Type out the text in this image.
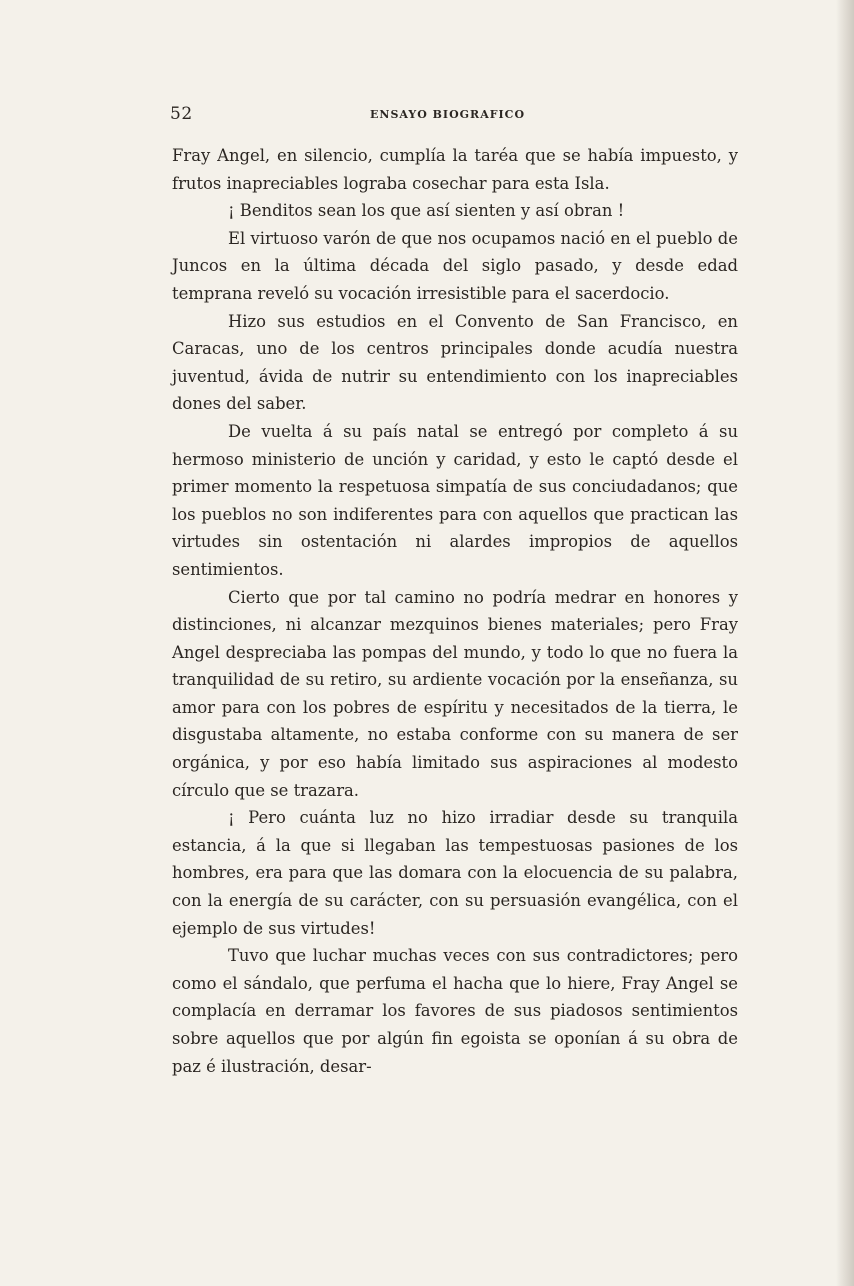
52	ENSAYO BIOGRAFICO

Fray Angel, en silencio, cumplía la taréa que se había impuesto, y frutos inapreciables lograba cosechar para esta Isla.

¡ Benditos sean los que así sienten y así obran !

El virtuoso varón de que nos ocupamos nació en el pueblo de Juncos en la última década del siglo pasado, y desde edad temprana reveló su vocación irresistible para el sacerdocio.

Hizo sus estudios en el Convento de San Francisco, en Caracas, uno de los centros principales donde acudía nuestra juventud, ávida de nutrir su entendimiento con los inapreciables dones del saber.

De vuelta á su país natal se entregó por completo á su hermoso ministerio de unción y caridad, y esto le captó desde el primer momento la respetuosa simpatía de sus conciudadanos; que los pueblos no son indiferentes para con aquellos que practican las virtudes sin ostentación ni alardes impropios de aquellos sentimientos.

Cierto que por tal camino no podría medrar en honores y distinciones, ni alcanzar mezquinos bienes materiales; pero Fray Angel despreciaba las pompas del mundo, y todo lo que no fuera la tranquilidad de su retiro, su ardiente vocación por la enseñanza, su amor para con los pobres de espíritu y necesitados de la tierra, le disgustaba altamente, no estaba conforme con su manera de ser orgánica, y por eso había limitado sus aspiraciones al modesto círculo que se trazara.

¡ Pero cuánta luz no hizo irradiar desde su tranquila estancia, á la que si llegaban las tempestuosas pasiones de los hombres, era para que las domara con la elocuencia de su palabra, con la energía de su carácter, con su persuasión evangélica, con el ejemplo de sus virtudes!

Tuvo que luchar muchas veces con sus contradictores; pero como el sándalo, que perfuma el hacha que lo hiere, Fray Angel se complacía en derramar los favores de sus piadosos sentimientos sobre aquellos que por algún fin egoista se oponían á su obra de paz é ilustración, desar-
